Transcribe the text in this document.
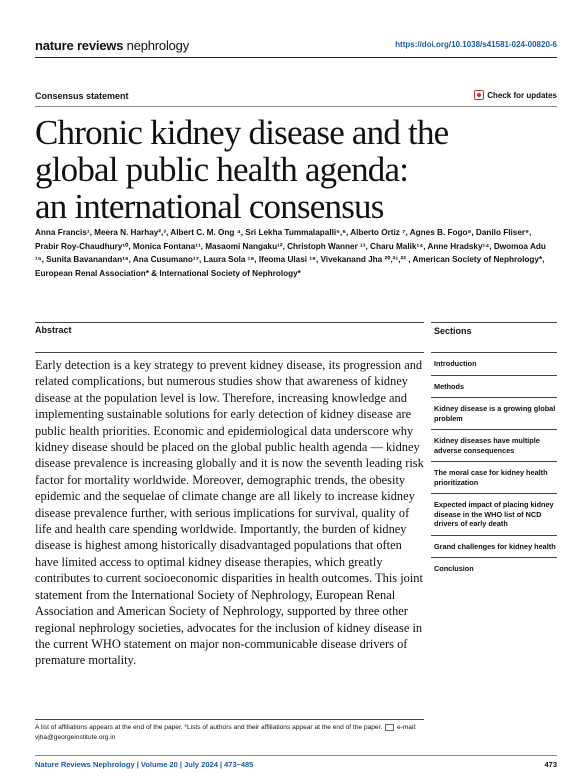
nature reviews nephrology	https://doi.org/10.1038/s41581-024-00820-6
Consensus statement	Check for updates
Chronic kidney disease and the
global public health agenda:
an international consensus
Anna Francis¹, Meera N. Harhay²,³, Albert C. M. Ong ⁴, Sri Lekha Tummalapalli⁵,⁶, Alberto Ortiz ⁷, Agnes B. Fogo⁸, Danilo Fliser⁹, Prabir Roy-Chaudhury¹⁰, Monica Fontana¹¹, Masaomi Nangaku¹², Christoph Wanner ¹³, Charu Malik¹⁴, Anne Hradsky¹⁴, Dwomoa Adu ¹⁵, Sunita Bavanandan¹⁶, Ana Cusumano¹⁷, Laura Sola ¹⁸, Ifeoma Ulasi ¹⁹, Vivekanand Jha ²⁰,²¹,²² , American Society of Nephrology*, European Renal Association* & International Society of Nephrology*
Abstract
Early detection is a key strategy to prevent kidney disease, its progression and related complications, but numerous studies show that awareness of kidney disease at the population level is low. Therefore, increasing knowledge and implementing sustainable solutions for early detection of kidney disease are public health priorities. Economic and epidemiological data underscore why kidney disease should be placed on the global public health agenda — kidney disease prevalence is increasing globally and it is now the seventh leading risk factor for mortality worldwide. Moreover, demographic trends, the obesity epidemic and the sequelae of climate change are all likely to increase kidney disease prevalence further, with serious implications for survival, quality of life and health care spending worldwide. Importantly, the burden of kidney disease is highest among historically disadvantaged populations that often have limited access to optimal kidney disease therapies, which greatly contributes to current socioeconomic disparities in health outcomes. This joint statement from the International Society of Nephrology, European Renal Association and American Society of Nephrology, supported by three other regional nephrology societies, advocates for the inclusion of kidney disease in the current WHO statement on major non-communicable disease drivers of premature mortality.
Sections
Introduction
Methods
Kidney disease is a growing global problem
Kidney diseases have multiple adverse consequences
The moral case for kidney health prioritization
Expected impact of placing kidney disease in the WHO list of NCD drivers of early death
Grand challenges for kidney health
Conclusion
A list of affiliations appears at the end of the paper. *Lists of authors and their affiliations appear at the end of the paper. e-mail: vjha@georgeinstitute.org.in
Nature Reviews Nephrology | Volume 20 | July 2024 | 473–485	473
